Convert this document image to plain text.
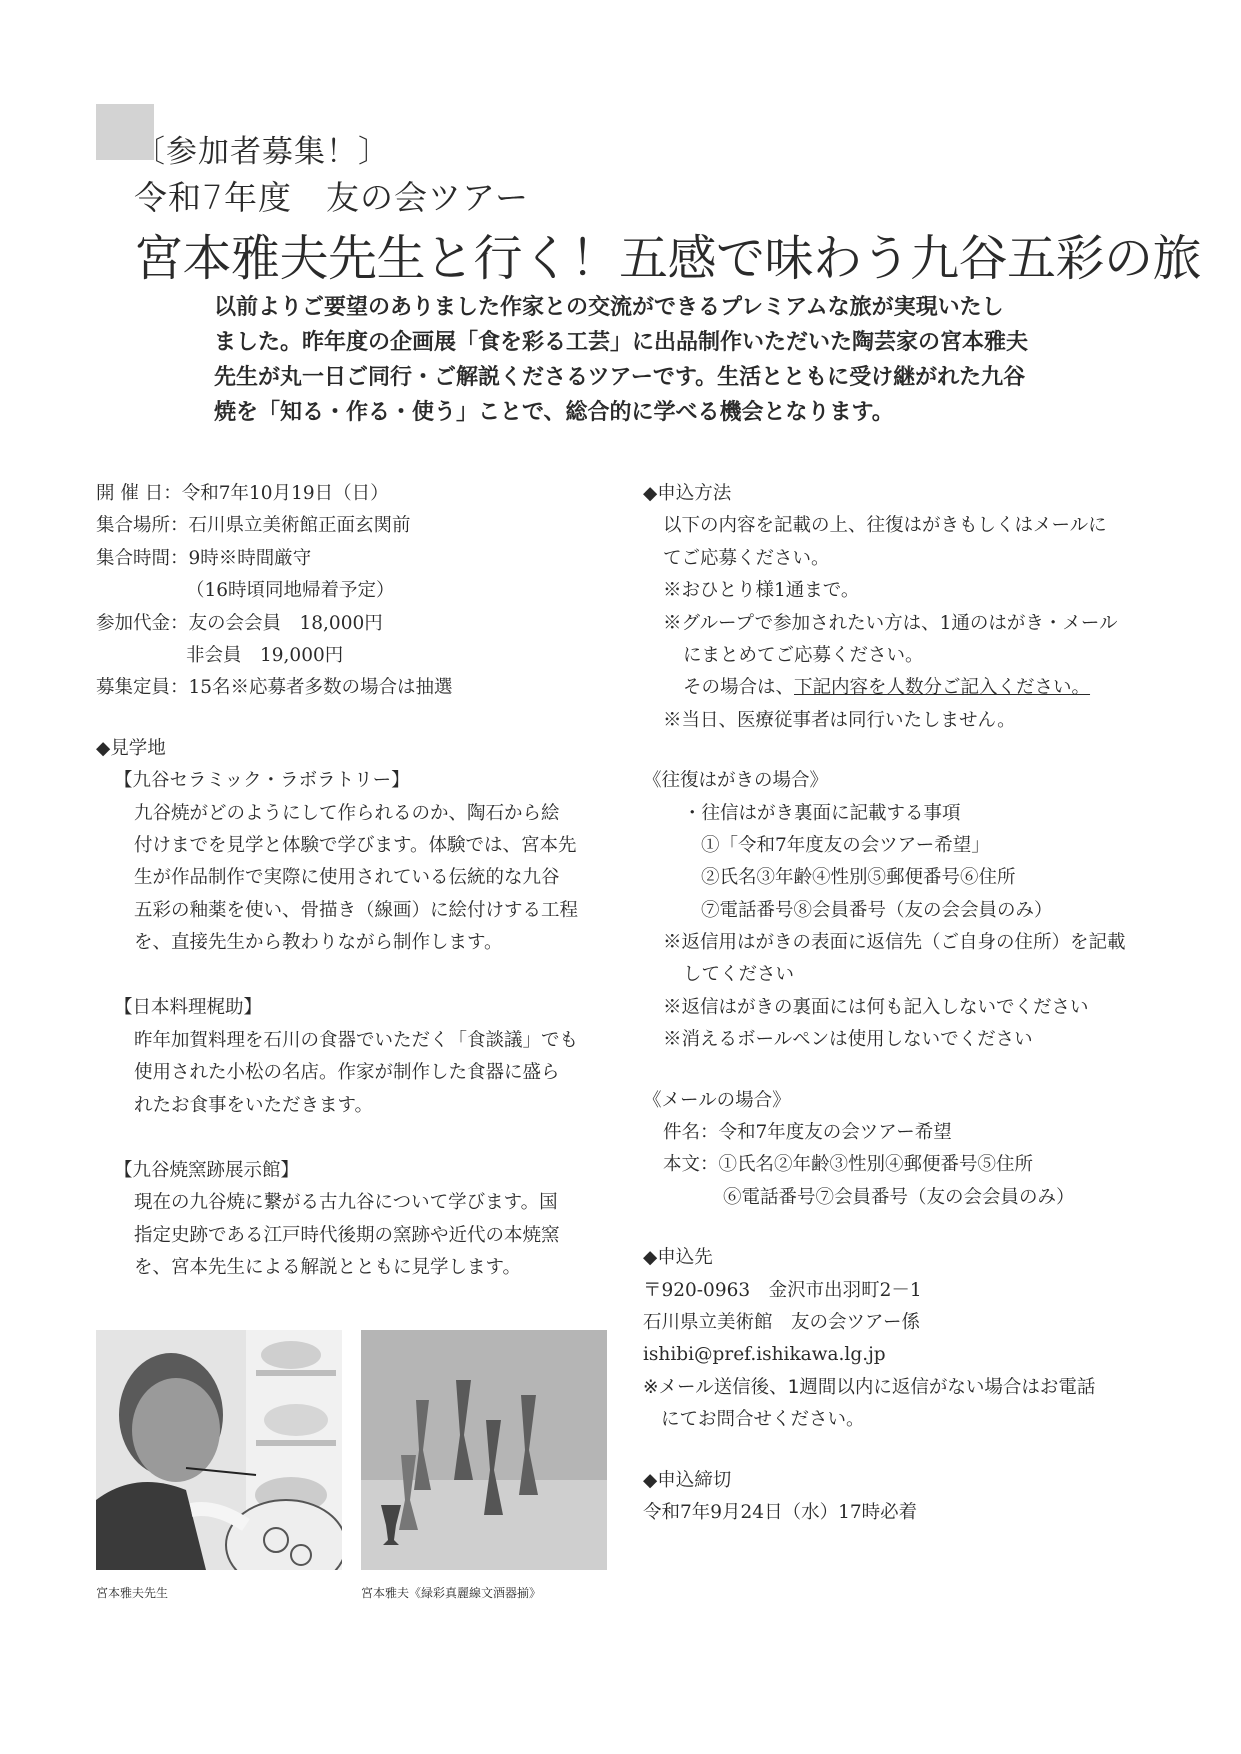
〔参加者募集！〕
令和7年度　友の会ツアー
宮本雅夫先生と行く！五感で味わう九谷五彩の旅
以前よりご要望のありました作家との交流ができるプレミアムな旅が実現いたし
ました。昨年度の企画展「食を彩る工芸」に出品制作いただいた陶芸家の宮本雅夫
先生が丸一日ご同行・ご解説くださるツアーです。生活とともに受け継がれた九谷
焼を「知る・作る・使う」ことで、総合的に学べる機会となります。
開 催 日：令和7年10月19日（日）
集合場所：石川県立美術館正面玄関前
集合時間：9時※時間厳守
（16時頃同地帰着予定）
参加代金：友の会会員　18,000円
非会員　19,000円
募集定員：15名※応募者多数の場合は抽選
◆見学地
【九谷セラミック・ラボラトリー】
九谷焼がどのようにして作られるのか、陶石から絵
付けまでを見学と体験で学びます。体験では、宮本先
生が作品制作で実際に使用されている伝統的な九谷
五彩の釉薬を使い、骨描き（線画）に絵付けする工程
を、直接先生から教わりながら制作します。
【日本料理梶助】
昨年加賀料理を石川の食器でいただく「食談議」でも
使用された小松の名店。作家が制作した食器に盛ら
れたお食事をいただきます。
【九谷焼窯跡展示館】
現在の九谷焼に繋がる古九谷について学びます。国
指定史跡である江戸時代後期の窯跡や近代の本焼窯
を、宮本先生による解説とともに見学します。
◆申込方法
以下の内容を記載の上、往復はがきもしくはメールに
てご応募ください。
※おひとり様1通まで。
※グループで参加されたい方は、1通のはがき・メール
にまとめてご応募ください。
その場合は、下記内容を人数分ご記入ください。
※当日、医療従事者は同行いたしません。
《往復はがきの場合》
・往信はがき裏面に記載する事項
①「令和7年度友の会ツアー希望」
②氏名③年齢④性別⑤郵便番号⑥住所
⑦電話番号⑧会員番号（友の会会員のみ）
※返信用はがきの表面に返信先（ご自身の住所）を記載
してください
※返信はがきの裏面には何も記入しないでください
※消えるボールペンは使用しないでください
《メールの場合》
件名：令和7年度友の会ツアー希望
本文：①氏名②年齢③性別④郵便番号⑤住所
⑥電話番号⑦会員番号（友の会会員のみ）
◆申込先
〒920-0963　金沢市出羽町2－1
石川県立美術館　友の会ツアー係
ishibi@pref.ishikawa.lg.jp
※メール送信後、1週間以内に返信がない場合はお電話
にてお問合せください。
◆申込締切
令和7年9月24日（水）17時必着
宮本雅夫先生	宮本雅夫《緑彩真麗線文酒器揃》
